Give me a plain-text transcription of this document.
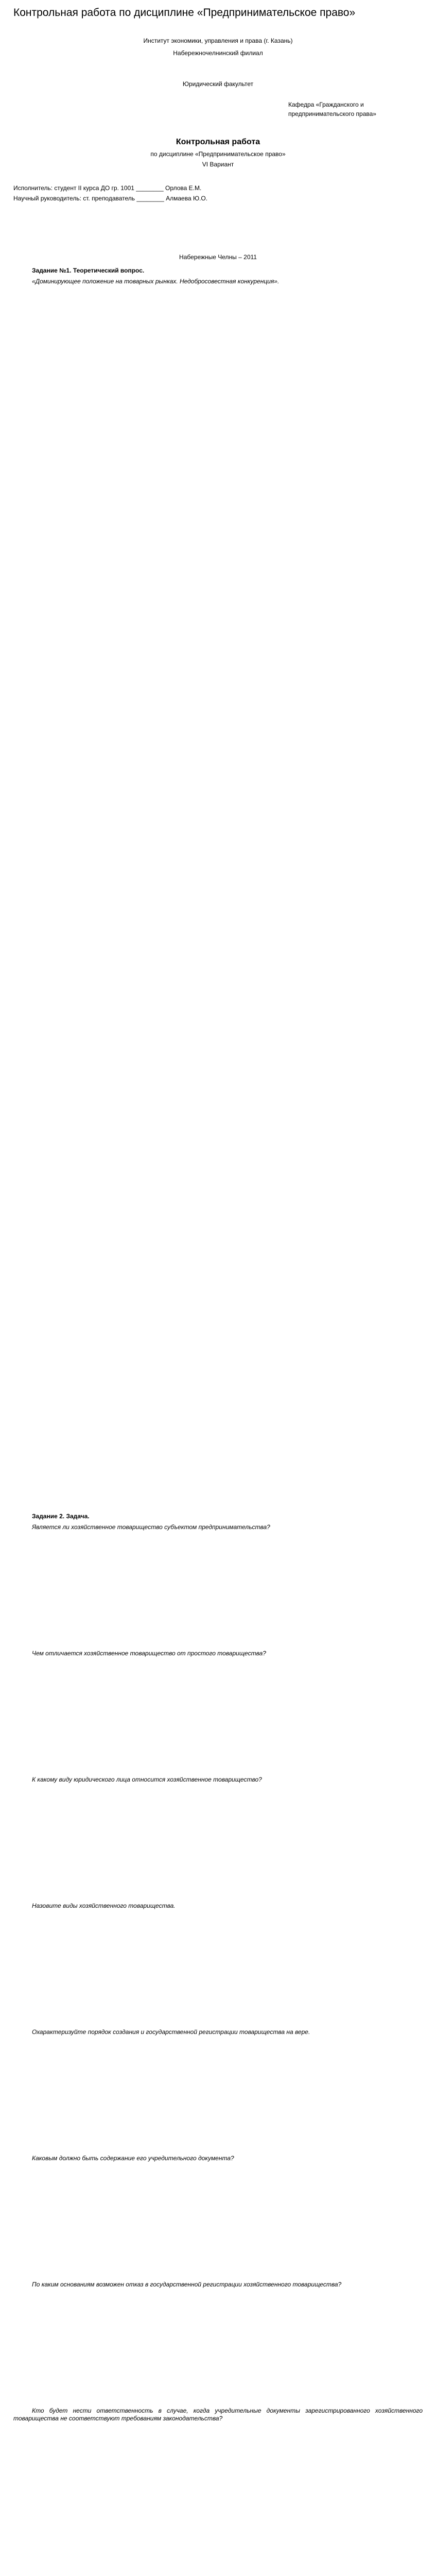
Контрольная работа по дисциплине «Предпринимательское право»
Институт экономики, управления и права (г. Казань)
Набережночелнинский филиал
Юридический факультет
Кафедра «Гражданского и
предпринимательского права»
Контрольная работа
по дисциплине «Предпринимательское право»
VI Вариант
Исполнитель: студент II курса ДО гр. 1001 ________ Орлова Е.М.
Научный руководитель: ст. преподаватель ________ Алмаева Ю.О.
Набережные Челны – 2011
Задание №1. Теоретический вопрос.

«Доминирующее положение на товарных рынках. Недобросовестная конкуренция».

Задание 2. Задача.

Является ли хозяйственное товарищество субъектом предпринимательства?

Чем отличается хозяйственное товарищество от простого товарищества?

К какому виду юридического лица относится хозяйственное товарищество?

Назовите виды хозяйственного товарищества.

Охарактеризуйте порядок создания и государственной регистрации товарищества на вере.

Каковым должно быть содержание его учредительного документа?

По каким основаниям возможен отказ в государственной регистрации хозяйственного товарищества?

Кто будет нести ответственность в случае, когда учредительные документы зарегистрированного хозяйственного товарищества не соответствуют требованиям законодательства?
